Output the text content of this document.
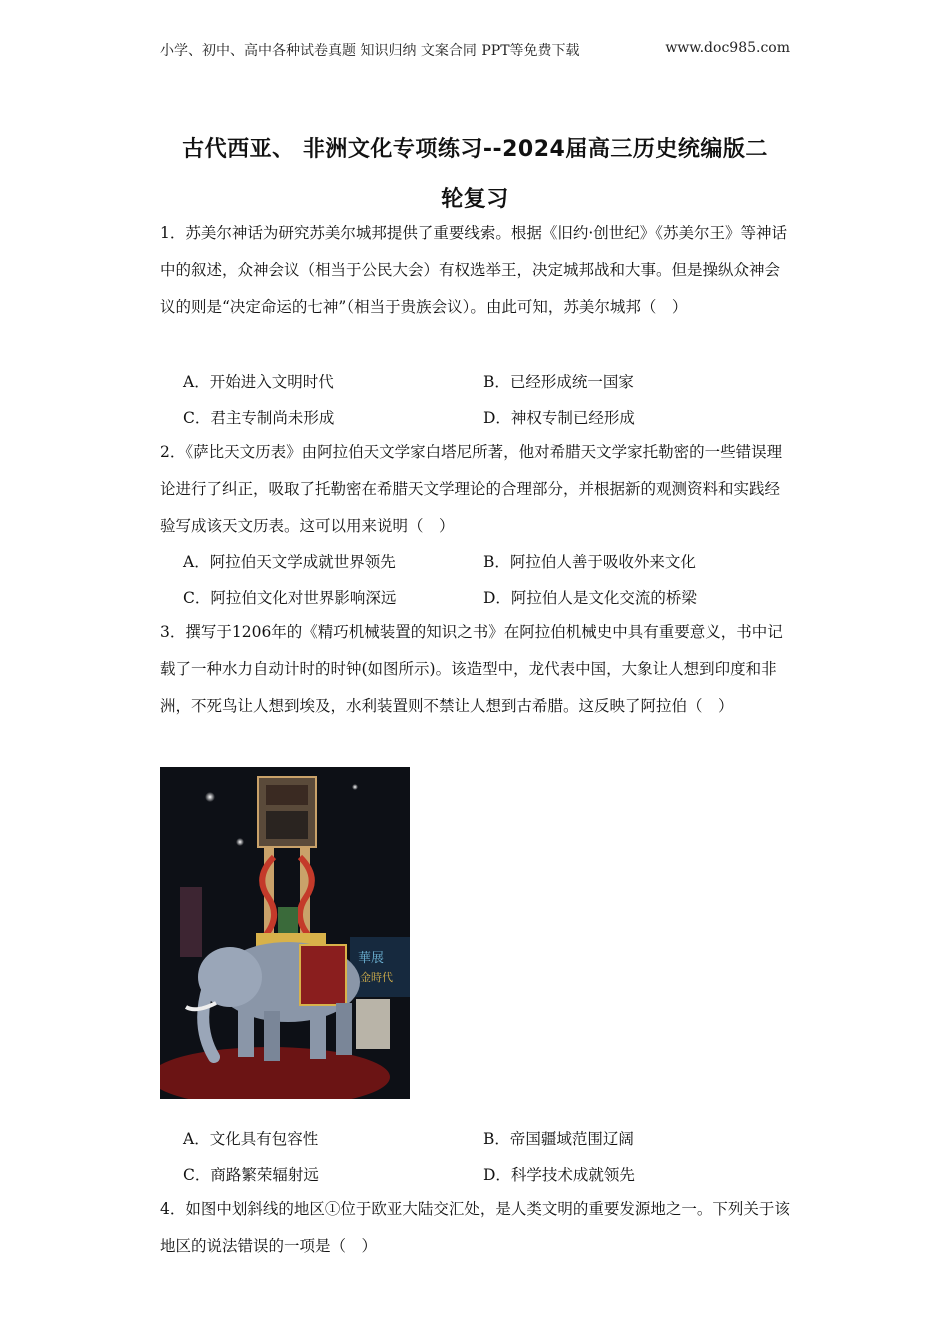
小学、初中、高中各种试卷真题 知识归纳 文案合同 PPT等免费下载	www.doc985.com
古代西亚、 非洲文化专项练习--2024届高三历史统编版二
轮复习
1．苏美尔神话为研究苏美尔城邦提供了重要线索。根据《旧约·创世纪》《苏美尔王》等神话中的叙述，众神会议（相当于公民大会）有权选举王，决定城邦战和大事。但是操纵众神会议的则是“决定命运的七神”（相当于贵族会议）。由此可知，苏美尔城邦（　）
A．开始进入文明时代	B．已经形成统一国家
C．君主专制尚未形成	D．神权专制已经形成
2．《萨比天文历表》由阿拉伯天文学家白塔尼所著，他对希腊天文学家托勒密的一些错误理论进行了纠正，吸取了托勒密在希腊天文学理论的合理部分，并根据新的观测资料和实践经验写成该天文历表。这可以用来说明（　）
A．阿拉伯天文学成就世界领先	B．阿拉伯人善于吸收外来文化
C．阿拉伯文化对世界影响深远	D．阿拉伯人是文化交流的桥梁
3．撰写于1206年的《精巧机械装置的知识之书》在阿拉伯机械史中具有重要意义，书中记载了一种水力自动计时的时钟(如图所示)。该造型中，龙代表中国，大象让人想到印度和非洲，不死鸟让人想到埃及，水利装置则不禁让人想到古希腊。这反映了阿拉伯（　）
華展
金時代
A．文化具有包容性	B．帝国疆域范围辽阔
C．商路繁荣辐射远	D．科学技术成就领先
4．如图中划斜线的地区①位于欧亚大陆交汇处，是人类文明的重要发源地之一。下列关于该地区的说法错误的一项是（　）
